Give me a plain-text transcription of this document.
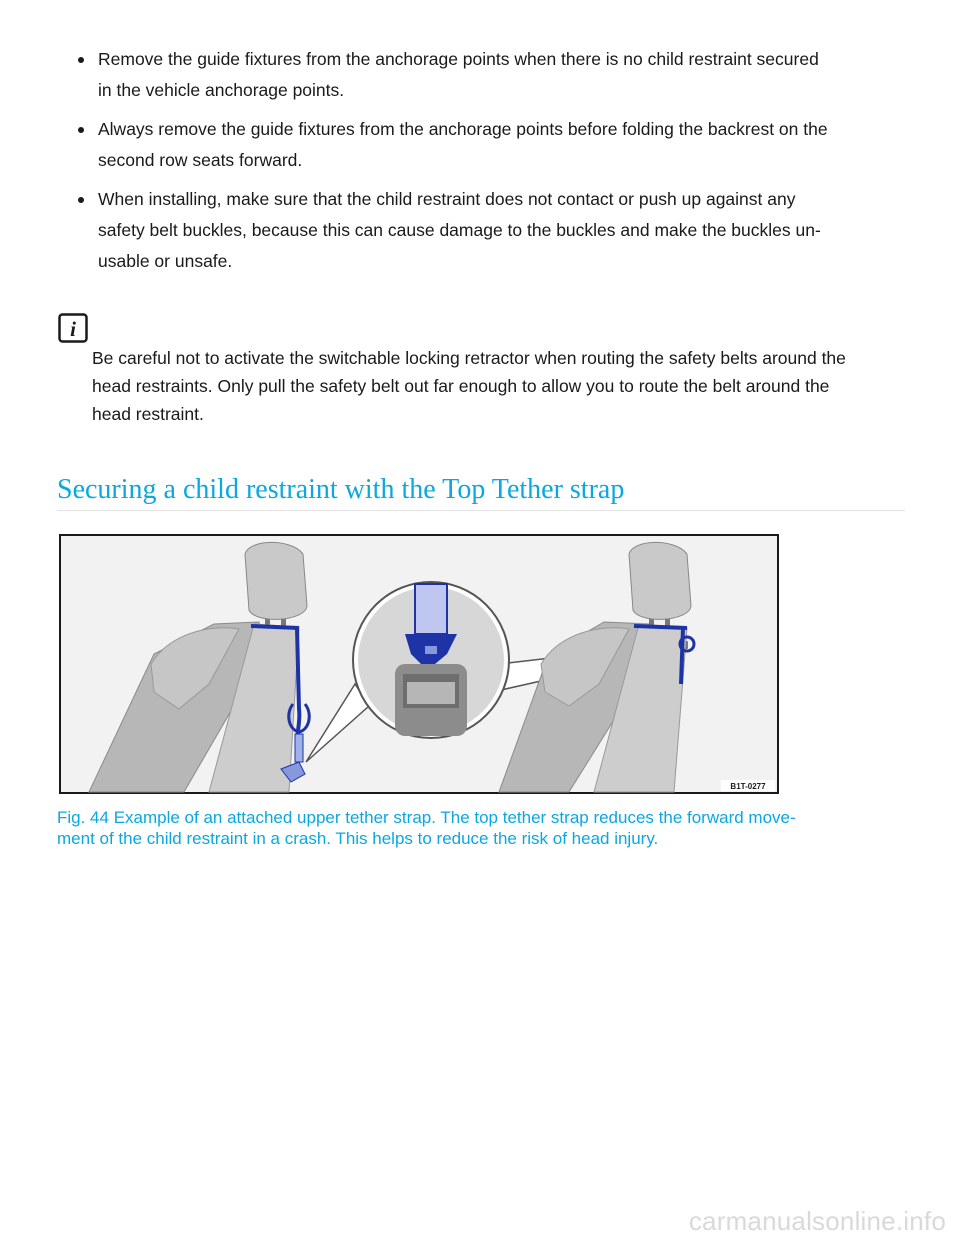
Remove the guide fixtures from the anchorage points when there is no child restraint secured
in the vehicle anchorage points.
Always remove the guide fixtures from the anchorage points before folding the backrest on the
second row seats forward.
When installing, make sure that the child restraint does not contact or push up against any
safety belt buckles, because this can cause damage to the buckles and make the buckles un-
usable or unsafe.
i
Be careful not to activate the switchable locking retractor when routing the safety belts around the
head restraints. Only pull the safety belt out far enough to allow you to route the belt around the
head restraint.
Securing a child restraint with the Top Tether strap
B1T-0277
Fig. 44 Example of an attached upper tether strap. The top tether strap reduces the forward move-
ment of the child restraint in a crash. This helps to reduce the risk of head injury.
carmanualsonline.info
